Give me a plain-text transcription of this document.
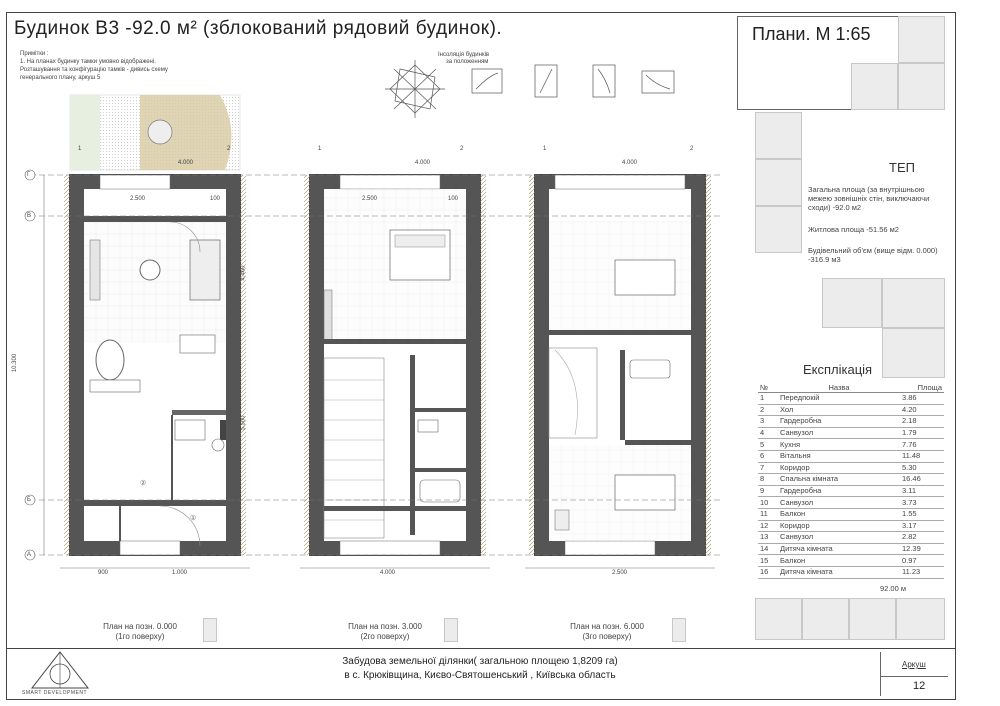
Будинок В3 -92.0 м² (зблокований рядовий будинок).
Примітки :
1. На планах будинку тамки умовно відображені.
Розташування та конфігурацію тамків - дивись схему
генерального плану, аркуш 5
Інсоляція будинків
за положенням
②
①
Г
В
Б
А
1	2	1	2	1	2
4.000	4.000	4.000
2.500	100	2.500	100
900	1.000	4.000	2.500
10.300
4.460
5.500
План на позн. 0.000
(1го поверху)
План на позн. 3.000
(2го поверху)
План на позн. 6.000
(3го поверху)
Плани. М 1:65
ТЕП
Загальна площа (за внутрішньою межею зовнішніх стін, виключаючи сходи) -92.0 м2
Житлова площа -51.56 м2
Будівельний об'єм (вище відм. 0.000) -316.9 м3
Експлікація
№	Назва	Площа
1	Передпокій	3.86
2	Хол	4.20
3	Гардеробна	2.18
4	Санвузол	1.79
5	Кухня	7.76
6	Вітальня	11.48
7	Коридор	5.30
8	Спальна кімната	16.46
9	Гардеробна	3.11
10	Санвузол	3.73
11	Балкон	1.55
12	Коридор	3.17
13	Санвузол	2.82
14	Дитяча кімната	12.39
15	Балкон	0.97
16	Дитяча кімната	11.23
92.00 м
SMART DEVELOPMENT
Забудова земельної ділянки( загальною площею 1,8209 га)
в с. Крюківщина, Києво-Святошенський , Київська область
Аркуш
12
